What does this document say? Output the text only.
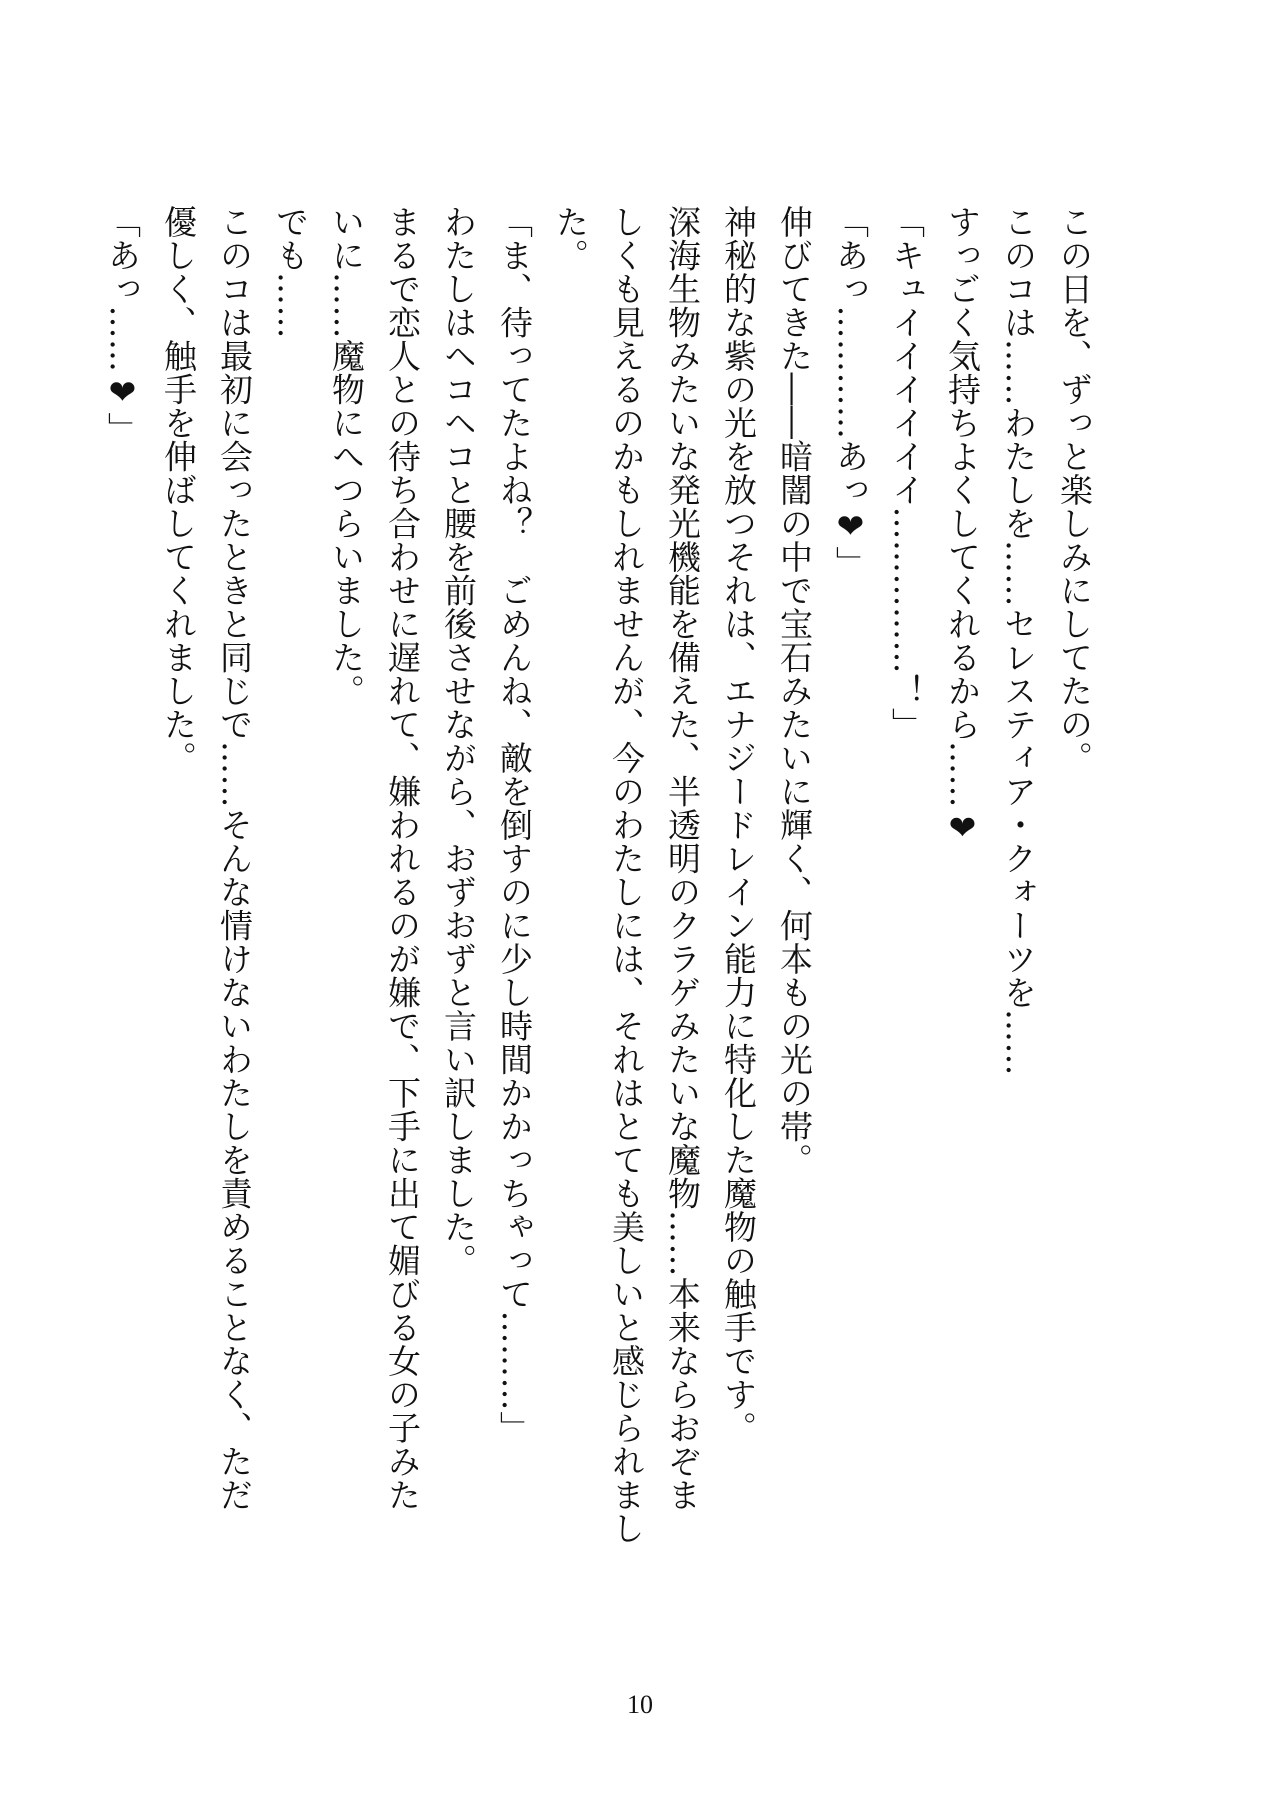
この日を、ずっと楽しみにしてたの。
このコは……わたしを……セレスティア・クォーツを……
すっごく気持ちよくしてくれるから……❤
「キュイイイイイイ……………！」
「あっ…………あっ❤」
伸びてきた――暗闇の中で宝石みたいに輝く、何本もの光の帯。
神秘的な紫の光を放つそれは、エナジードレイン能力に特化した魔物の触手です。
深海生物みたいな発光機能を備えた、半透明のクラゲみたいな魔物……本来ならおぞま
しくも見えるのかもしれませんが、今のわたしには、それはとても美しいと感じられまし
た。
「ま、待ってたよね？　ごめんね、敵を倒すのに少し時間かかっちゃって………」
わたしはヘコヘコと腰を前後させながら、おずおずと言い訳しました。
まるで恋人との待ち合わせに遅れて、嫌われるのが嫌で、下手に出て媚びる女の子みた
いに……魔物にへつらいました。
でも……
このコは最初に会ったときと同じで……そんな情けないわたしを責めることなく、ただ
優しく、触手を伸ばしてくれました。
「あっ……❤」
10
